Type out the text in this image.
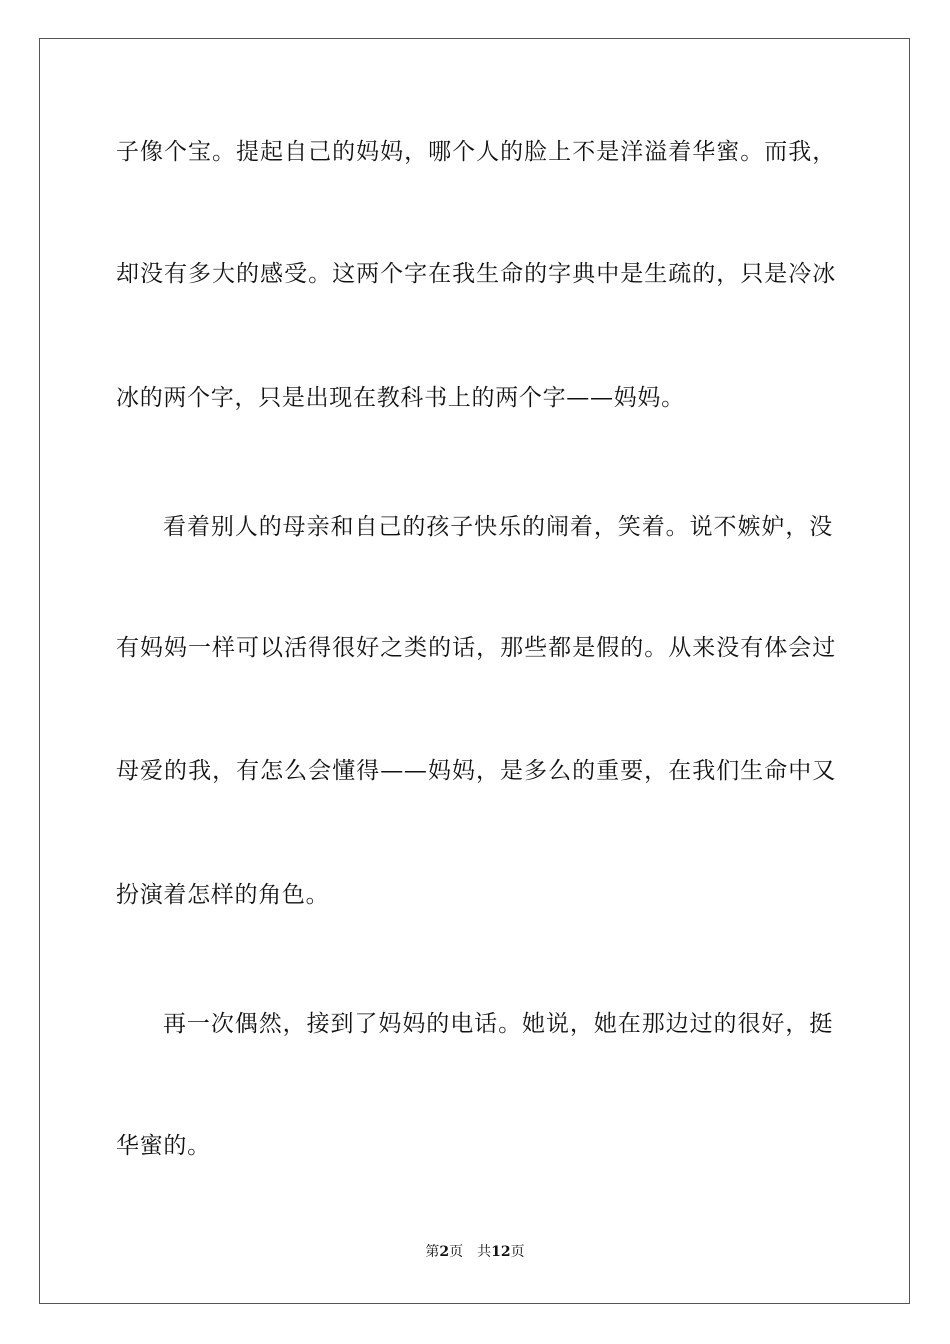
子像个宝。提起自己的妈妈，哪个人的脸上不是洋溢着华蜜。而我，
却没有多大的感受。这两个字在我生命的字典中是生疏的，只是冷冰
冰的两个字，只是出现在教科书上的两个字——妈妈。
看着别人的母亲和自己的孩子快乐的闹着，笑着。说不嫉妒，没
有妈妈一样可以活得很好之类的话，那些都是假的。从来没有体会过
母爱的我，有怎么会懂得——妈妈，是多么的重要，在我们生命中又
扮演着怎样的角色。
再一次偶然，接到了妈妈的电话。她说，她在那边过的很好，挺
华蜜的。
第2页　共12页
